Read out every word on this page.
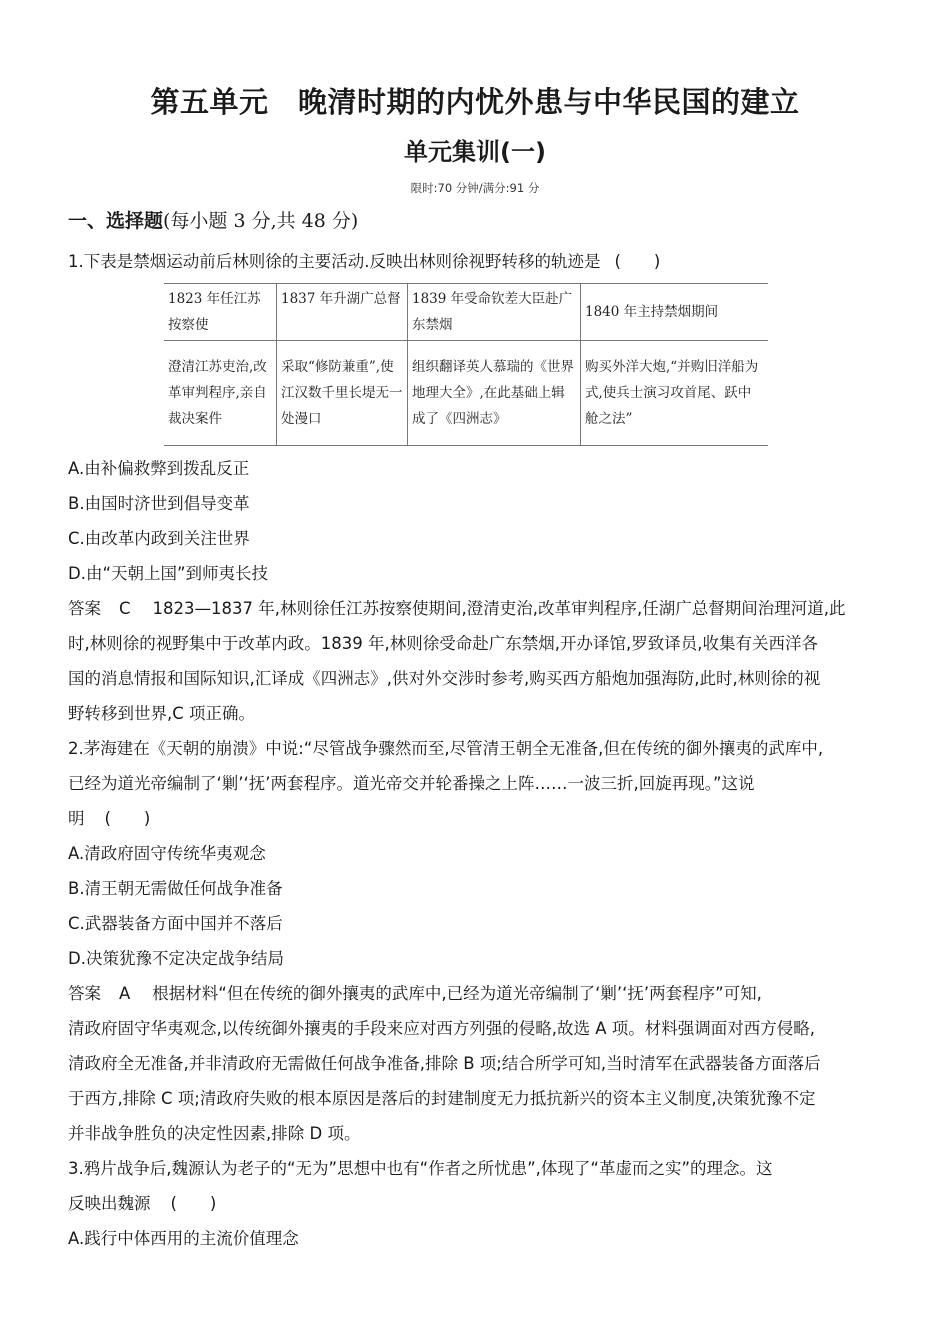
第五单元　晚清时期的内忧外患与中华民国的建立
单元集训(一)
限时:70 分钟/满分:91 分
一、选择题(每小题 3 分,共 48 分)
1.下表是禁烟运动前后林则徐的主要活动.反映出林则徐视野转移的轨迹是 (　　)
1823 年任江苏按察使	1837 年升湖广总督	1839 年受命钦差大臣赴广东禁烟	1840 年主持禁烟期间
澄清江苏吏治,改革审判程序,亲自裁决案件	采取“修防兼重”,使江汉数千里长堤无一处漫口	组织翻译英人慕瑞的《世界地理大全》,在此基础上辑成了《四洲志》	购买外洋大炮,“并购旧洋船为式,使兵士演习攻首尾、跃中舱之法”
A.由补偏救弊到拨乱反正
B.由国时济世到倡导变革
C.由改革内政到关注世界
D.由“天朝上国”到师夷长技
答案 C 1823—1837 年,林则徐任江苏按察使期间,澄清吏治,改革审判程序,任湖广总督期间治理河道,此
时,林则徐的视野集中于改革内政。1839 年,林则徐受命赴广东禁烟,开办译馆,罗致译员,收集有关西洋各
国的消息情报和国际知识,汇译成《四洲志》,供对外交涉时参考,购买西方船炮加强海防,此时,林则徐的视
野转移到世界,C 项正确。
2.茅海建在《天朝的崩溃》中说:“尽管战争骤然而至,尽管清王朝全无准备,但在传统的御外攘夷的武库中,
已经为道光帝编制了‘剿’‘抚’两套程序。道光帝交并轮番操之上阵……一波三折,回旋再现。”这说
明 (　　)
A.清政府固守传统华夷观念
B.清王朝无需做任何战争准备
C.武器装备方面中国并不落后
D.决策犹豫不定决定战争结局
答案 A 根据材料“但在传统的御外攘夷的武库中,已经为道光帝编制了‘剿’‘抚’两套程序”可知,
清政府固守华夷观念,以传统御外攘夷的手段来应对西方列强的侵略,故选 A 项。材料强调面对西方侵略,
清政府全无准备,并非清政府无需做任何战争准备,排除 B 项;结合所学可知,当时清军在武器装备方面落后
于西方,排除 C 项;清政府失败的根本原因是落后的封建制度无力抵抗新兴的资本主义制度,决策犹豫不定
并非战争胜负的决定性因素,排除 D 项。
3.鸦片战争后,魏源认为老子的“无为”思想中也有“作者之所忧患”,体现了“革虚而之实”的理念。这
反映出魏源 (　　)
A.践行中体西用的主流价值理念
